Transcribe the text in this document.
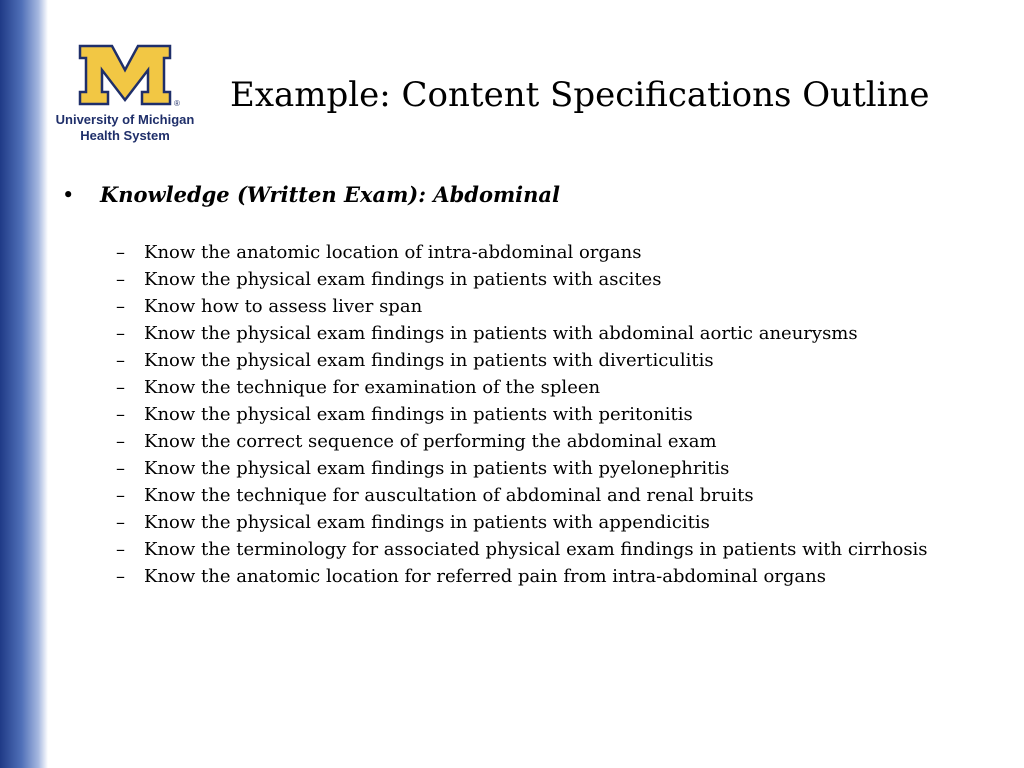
®
University of Michigan
Health System
Example: Content Specifications Outline
• Knowledge (Written Exam): Abdominal
–	Know the anatomic location of intra-abdominal organs
–	Know the physical exam findings in patients with ascites
–	Know how to assess liver span
–	Know the physical exam findings in patients with abdominal aortic aneurysms
–	Know the physical exam findings in patients with diverticulitis
–	Know the technique for examination of the spleen
–	Know the physical exam findings in patients with peritonitis
–	Know the correct sequence of performing the abdominal exam
–	Know the physical exam findings in patients with pyelonephritis
–	Know the technique for auscultation of abdominal and renal bruits
–	Know the physical exam findings in patients with appendicitis
–	Know the terminology for associated physical exam findings in patients with cirrhosis
–	Know the anatomic location for referred pain from intra-abdominal organs
